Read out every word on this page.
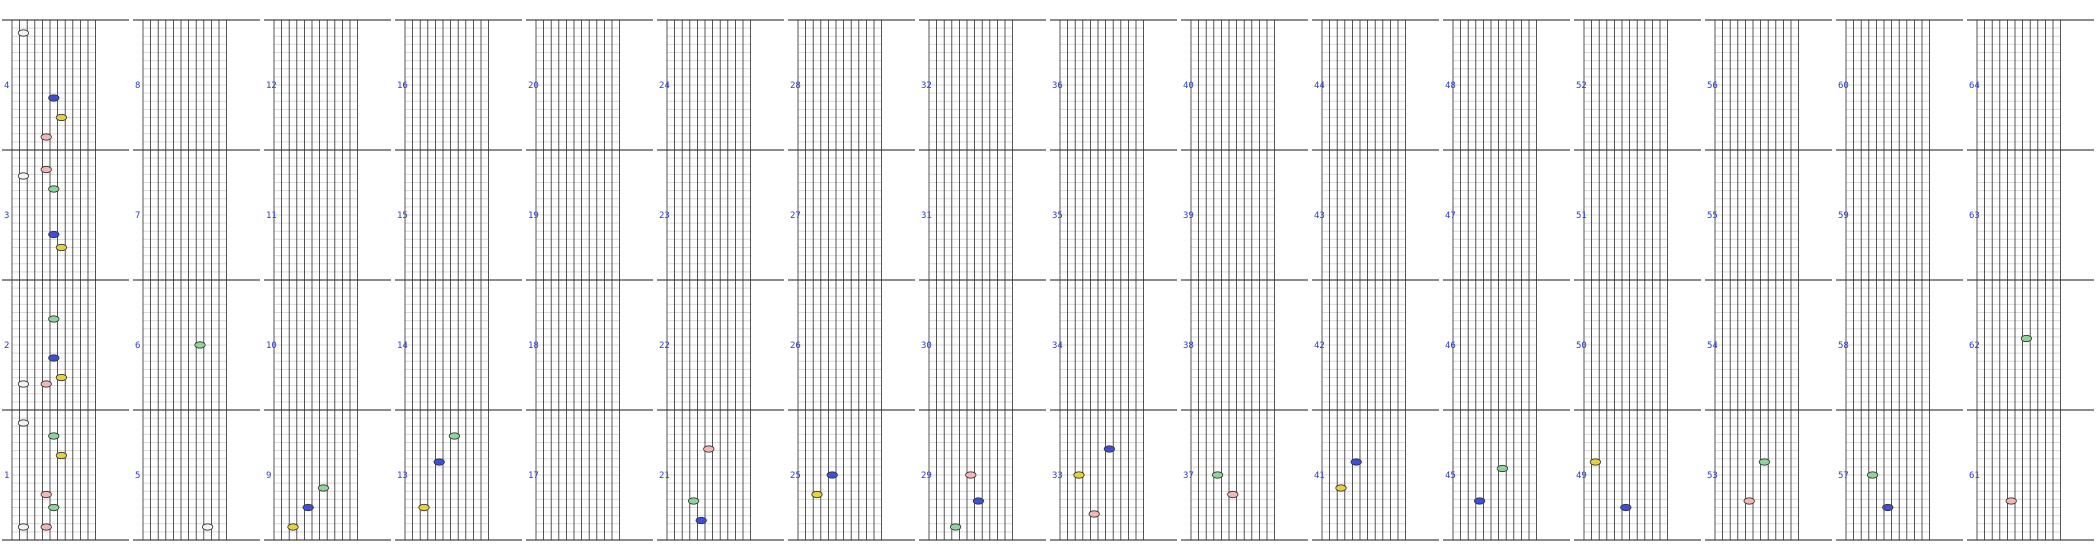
1
2
3
4
5
6
7
8
9
10
11
12
13
14
15
16
17
18
19
20
21
22
23
24
25
26
27
28
29
30
31
32
33
34
35
36
37
38
39
40
41
42
43
44
45
46
47
48
49
50
51
52
53
54
55
56
57
58
59
60
61
62
63
64
